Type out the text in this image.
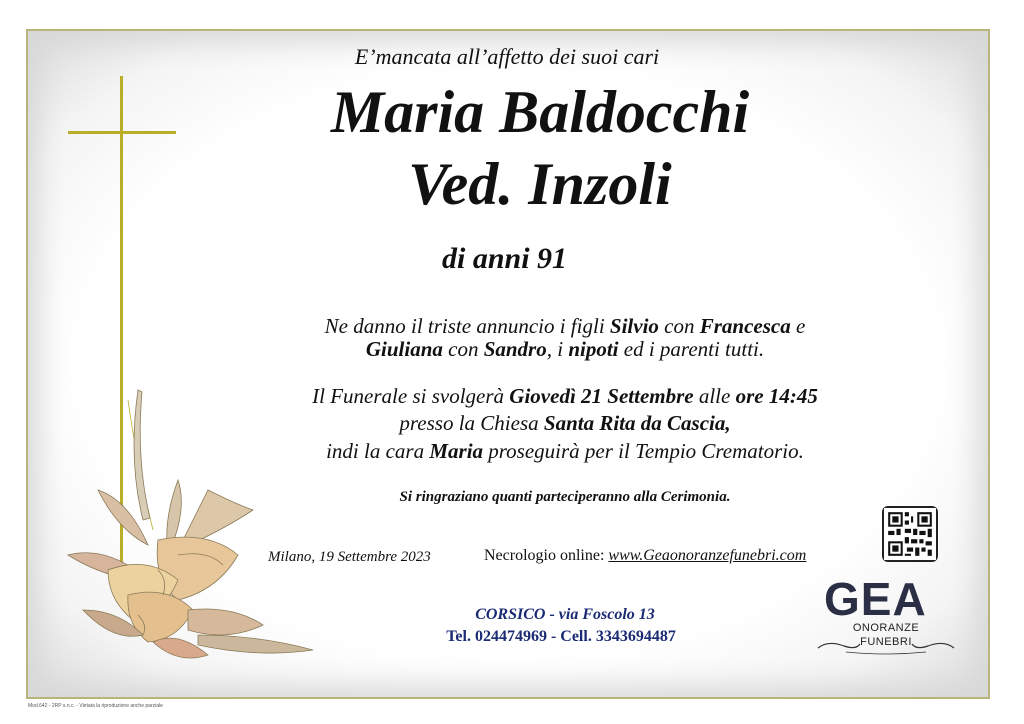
E’mancata all’affetto dei suoi cari
Maria Baldocchi
Ved. Inzoli
di anni 91
Ne danno il triste annuncio i figli Silvio con Francesca e
Giuliana con Sandro, i nipoti ed i parenti tutti.
Il Funerale si svolgerà Giovedì 21 Settembre alle ore 14:45
presso la Chiesa Santa Rita da Cascia,
indi la cara Maria proseguirà per il Tempio Crematorio.
Si ringraziano quanti parteciperanno alla Cerimonia.
Milano, 19 Settembre 2023	Necrologio online: www.Geaonoranzefunebri.com
CORSICO - via Foscolo 13
Tel. 024474969 - Cell. 3343694487
GEA
ONORANZE
FUNEBRI
Mod.642 - 2RP s.n.c. - Vietata la riproduzione anche parziale
